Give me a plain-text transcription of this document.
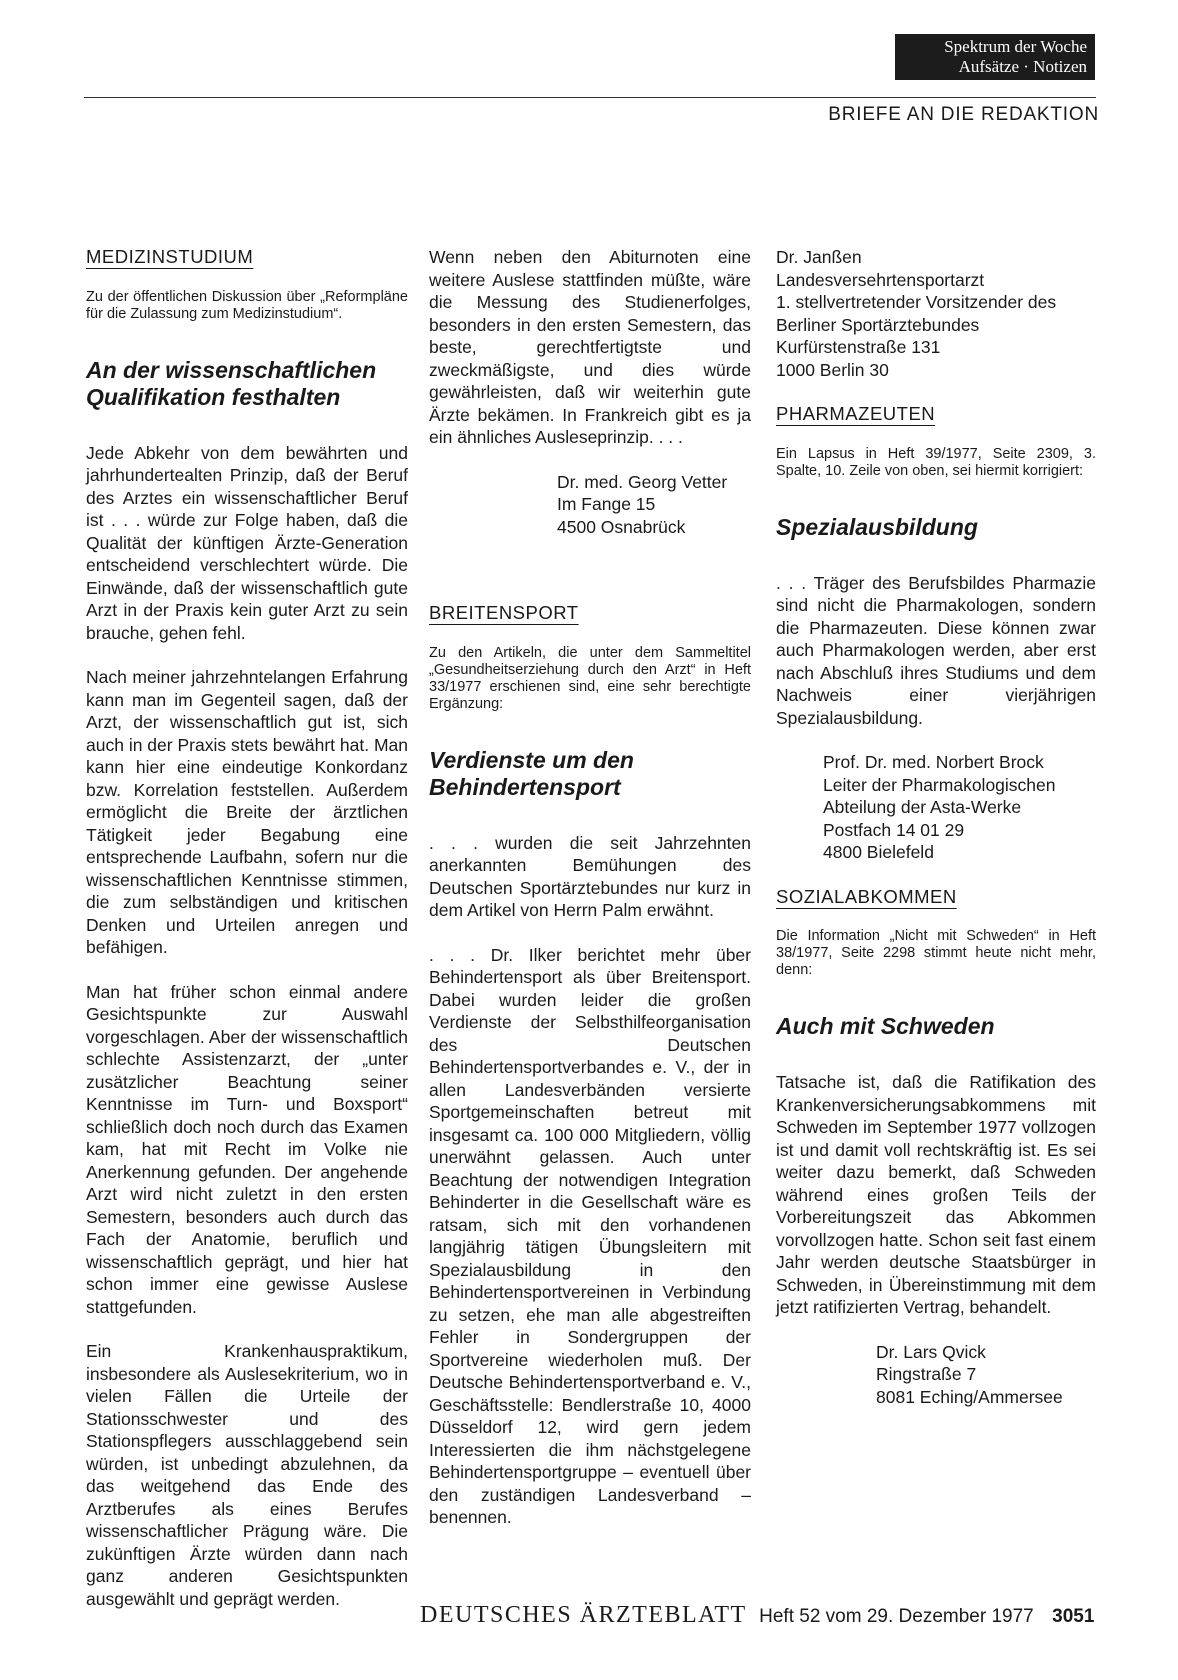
Spektrum der Woche
Aufsätze · Notizen
BRIEFE AN DIE REDAKTION
MEDIZINSTUDIUM
Zu der öffentlichen Diskussion über „Reformpläne für die Zulassung zum Medizinstudium“.
An der wissenschaftlichen Qualifikation festhalten

Jede Abkehr von dem bewährten und jahrhundertealten Prinzip, daß der Beruf des Arztes ein wissenschaftlicher Beruf ist . . . würde zur Folge haben, daß die Qualität der künftigen Ärzte-Generation entscheidend verschlechtert würde. Die Einwände, daß der wissenschaftlich gute Arzt in der Praxis kein guter Arzt zu sein brauche, gehen fehl.

Nach meiner jahrzehntelangen Erfahrung kann man im Gegenteil sagen, daß der Arzt, der wissenschaftlich gut ist, sich auch in der Praxis stets bewährt hat. Man kann hier eine eindeutige Konkordanz bzw. Korrelation feststellen. Außerdem ermöglicht die Breite der ärztlichen Tätigkeit jeder Begabung eine entsprechende Laufbahn, sofern nur die wissenschaftlichen Kenntnisse stimmen, die zum selbständigen und kritischen Denken und Urteilen anregen und befähigen.

Man hat früher schon einmal andere Gesichtspunkte zur Auswahl vorgeschlagen. Aber der wissenschaftlich schlechte Assistenzarzt, der „unter zusätzlicher Beachtung seiner Kenntnisse im Turn- und Boxsport“ schließlich doch noch durch das Examen kam, hat mit Recht im Volke nie Anerkennung gefunden. Der angehende Arzt wird nicht zuletzt in den ersten Semestern, besonders auch durch das Fach der Anatomie, beruflich und wissenschaftlich geprägt, und hier hat schon immer eine gewisse Auslese stattgefunden.

Ein Krankenhauspraktikum, insbesondere als Auslesekriterium, wo in vielen Fällen die Urteile der Stationsschwester und des Stationspflegers ausschlaggebend sein würden, ist unbedingt abzulehnen, da das weitgehend das Ende des Arztberufes als eines Berufes wissenschaftlicher Prägung wäre. Die zukünftigen Ärzte würden dann nach ganz anderen Gesichtspunkten ausgewählt und geprägt werden.

Wenn neben den Abiturnoten eine weitere Auslese stattfinden müßte, wäre die Messung des Studienerfolges, besonders in den ersten Semestern, das beste, gerechtfertigtste und zweckmäßigste, und dies würde gewährleisten, daß wir weiterhin gute Ärzte bekämen. In Frankreich gibt es ja ein ähnliches Ausleseprinzip. . . .

Dr. med. Georg Vetter
Im Fange 15
4500 Osnabrück
BREITENSPORT
Zu den Artikeln, die unter dem Sammeltitel „Gesundheitserziehung durch den Arzt“ in Heft 33/1977 erschienen sind, eine sehr berechtigte Ergänzung:
Verdienste um den Behindertensport

. . . wurden die seit Jahrzehnten anerkannten Bemühungen des Deutschen Sportärztebundes nur kurz in dem Artikel von Herrn Palm erwähnt.

. . . Dr. Ilker berichtet mehr über Behindertensport als über Breitensport. Dabei wurden leider die großen Verdienste der Selbsthilfeorganisation des Deutschen Behindertensportverbandes e. V., der in allen Landesverbänden versierte Sportgemeinschaften betreut mit insgesamt ca. 100 000 Mitgliedern, völlig unerwähnt gelassen. Auch unter Beachtung der notwendigen Integration Behinderter in die Gesellschaft wäre es ratsam, sich mit den vorhandenen langjährig tätigen Übungsleitern mit Spezialausbildung in den Behindertensportvereinen in Verbindung zu setzen, ehe man alle abgestreiften Fehler in Sondergruppen der Sportvereine wiederholen muß. Der Deutsche Behindertensportverband e. V., Geschäftsstelle: Bendlerstraße 10, 4000 Düsseldorf 12, wird gern jedem Interessierten die ihm nächstgelegene Behindertensportgruppe – eventuell über den zuständigen Landesverband – benennen.

Dr. Janßen
Landesversehrtensportarzt
1. stellvertretender Vorsitzender des Berliner Sportärztebundes
Kurfürstenstraße 131
1000 Berlin 30
PHARMAZEUTEN
Ein Lapsus in Heft 39/1977, Seite 2309, 3. Spalte, 10. Zeile von oben, sei hiermit korrigiert:
Spezialausbildung

. . . Träger des Berufsbildes Pharmazie sind nicht die Pharmakologen, sondern die Pharmazeuten. Diese können zwar auch Pharmakologen werden, aber erst nach Abschluß ihres Studiums und dem Nachweis einer vierjährigen Spezialausbildung.

Prof. Dr. med. Norbert Brock
Leiter der Pharmakologischen
Abteilung der Asta-Werke
Postfach 14 01 29
4800 Bielefeld
SOZIALABKOMMEN
Die Information „Nicht mit Schweden“ in Heft 38/1977, Seite 2298 stimmt heute nicht mehr, denn:
Auch mit Schweden

Tatsache ist, daß die Ratifikation des Krankenversicherungsabkommens mit Schweden im September 1977 vollzogen ist und damit voll rechtskräftig ist. Es sei weiter dazu bemerkt, daß Schweden während eines großen Teils der Vorbereitungszeit das Abkommen vorvollzogen hatte. Schon seit fast einem Jahr werden deutsche Staatsbürger in Schweden, in Übereinstimmung mit dem jetzt ratifizierten Vertrag, behandelt.

Dr. Lars Qvick
Ringstraße 7
8081 Eching/Ammersee
DEUTSCHES ÄRZTEBLATT Heft 52 vom 29. Dezember 1977 3051
